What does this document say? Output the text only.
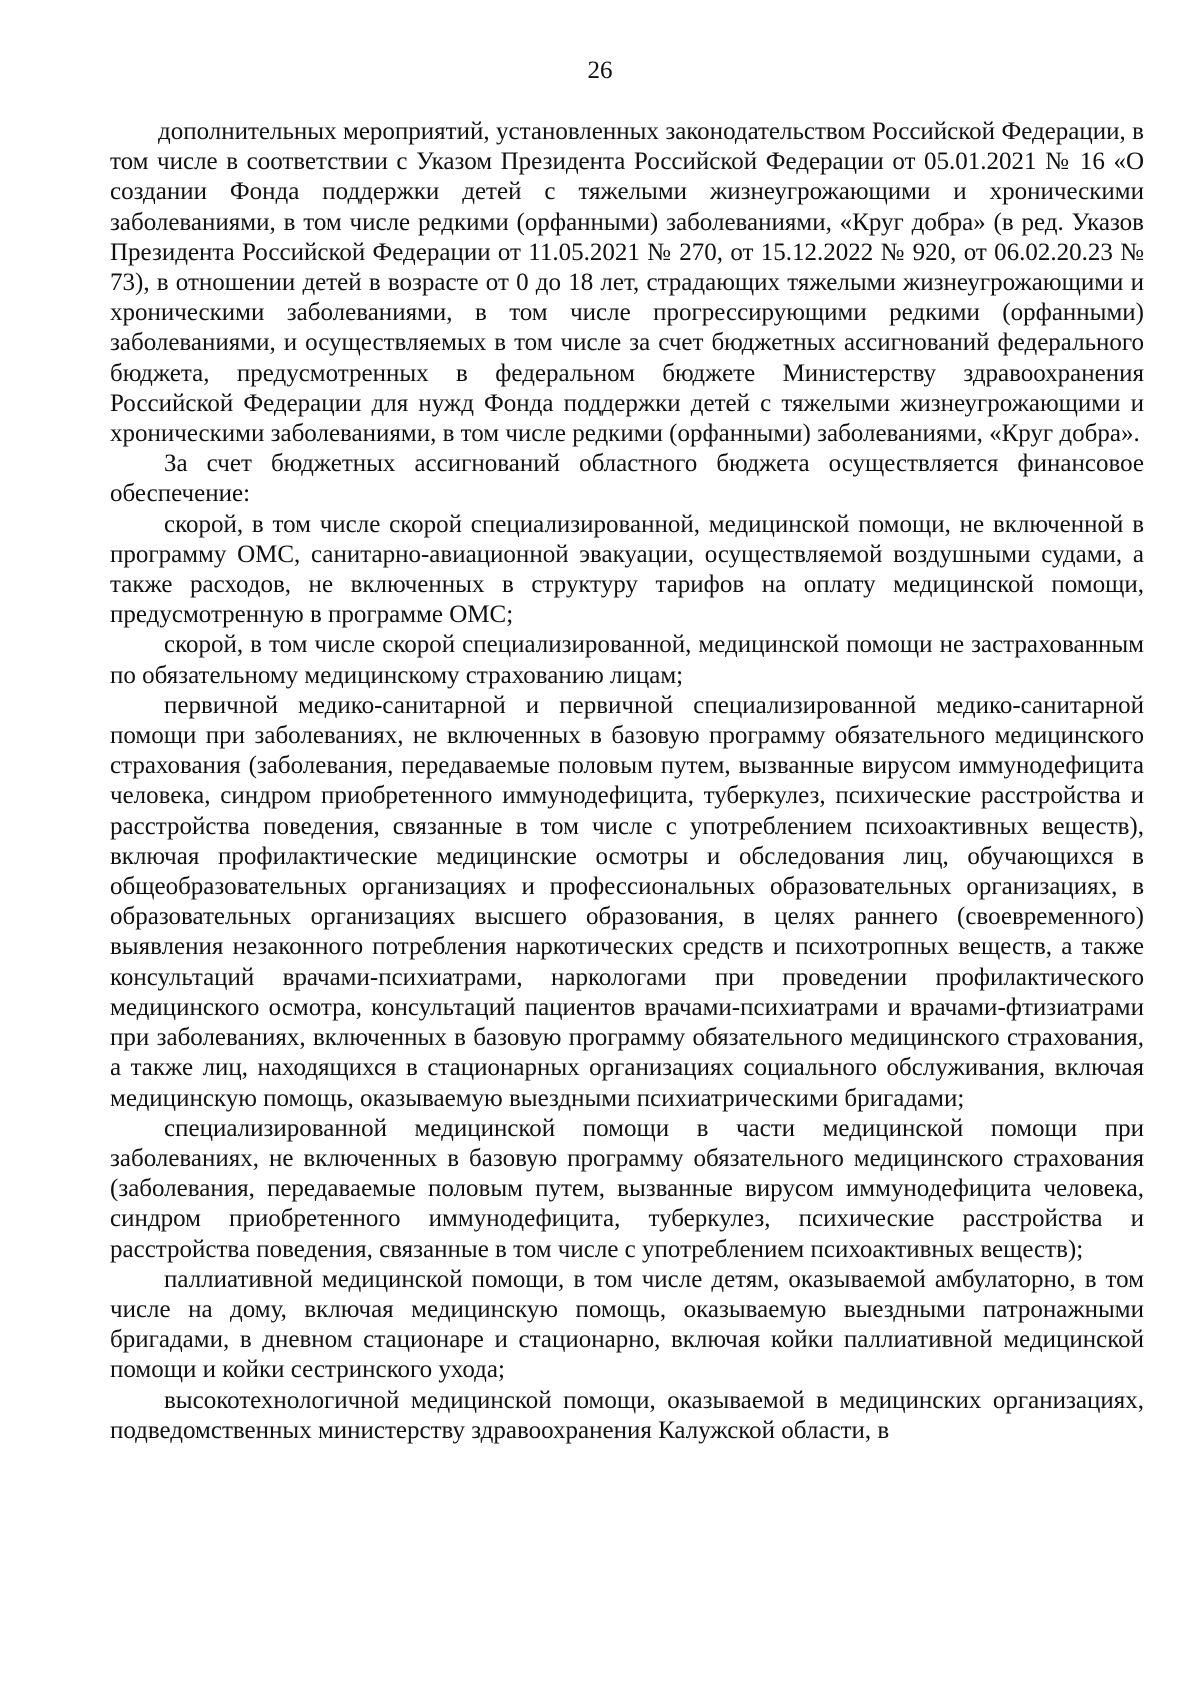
26

дополнительных мероприятий, установленных законодательством Российской Федерации, в том числе в соответствии с Указом Президента Российской Федерации от 05.01.2021 № 16 «О создании Фонда поддержки детей с тяжелыми жизнеугрожающими и хроническими заболеваниями, в том числе редкими (орфанными) заболеваниями, «Круг добра» (в ред. Указов Президента Российской Федерации от 11.05.2021 № 270, от 15.12.2022 № 920, от 06.02.20.23 № 73), в отношении детей в возрасте от 0 до 18 лет, страдающих тяжелыми жизнеугрожающими и хроническими заболеваниями, в том числе прогрессирующими редкими (орфанными) заболеваниями, и осуществляемых в том числе за счет бюджетных ассигнований федерального бюджета, предусмотренных в федеральном бюджете Министерству здравоохранения Российской Федерации для нужд Фонда поддержки детей с тяжелыми жизнеугрожающими и хроническими заболеваниями, в том числе редкими (орфанными) заболеваниями, «Круг добра».

За счет бюджетных ассигнований областного бюджета осуществляется финансовое обеспечение:

скорой, в том числе скорой специализированной, медицинской помощи, не включенной в программу ОМС, санитарно-авиационной эвакуации, осуществляемой воздушными судами, а также расходов, не включенных в структуру тарифов на оплату медицинской помощи, предусмотренную в программе ОМС;

скорой, в том числе скорой специализированной, медицинской помощи не застрахованным по обязательному медицинскому страхованию лицам;

первичной медико-санитарной и первичной специализированной медико-санитарной помощи при заболеваниях, не включенных в базовую программу обязательного медицинского страхования (заболевания, передаваемые половым путем, вызванные вирусом иммунодефицита человека, синдром приобретенного иммунодефицита, туберкулез, психические расстройства и расстройства поведения, связанные в том числе с употреблением психоактивных веществ), включая профилактические медицинские осмотры и обследования лиц, обучающихся в общеобразовательных организациях и профессиональных образовательных организациях, в образовательных организациях высшего образования, в целях раннего (своевременного) выявления незаконного потребления наркотических средств и психотропных веществ, а также консультаций врачами-психиатрами, наркологами при проведении профилактического медицинского осмотра, консультаций пациентов врачами-психиатрами и врачами-фтизиатрами при заболеваниях, включенных в базовую программу обязательного медицинского страхования, а также лиц, находящихся в стационарных организациях социального обслуживания, включая медицинскую помощь, оказываемую выездными психиатрическими бригадами;

специализированной медицинской помощи в части медицинской помощи при заболеваниях, не включенных в базовую программу обязательного медицинского страхования (заболевания, передаваемые половым путем, вызванные вирусом иммунодефицита человека, синдром приобретенного иммунодефицита, туберкулез, психические расстройства и расстройства поведения, связанные в том числе с употреблением психоактивных веществ);

паллиативной медицинской помощи, в том числе детям, оказываемой амбулаторно, в том числе на дому, включая медицинскую помощь, оказываемую выездными патронажными бригадами, в дневном стационаре и стационарно, включая койки паллиативной медицинской помощи и койки сестринского ухода;

высокотехнологичной медицинской помощи, оказываемой в медицинских организациях, подведомственных министерству здравоохранения Калужской области, в
